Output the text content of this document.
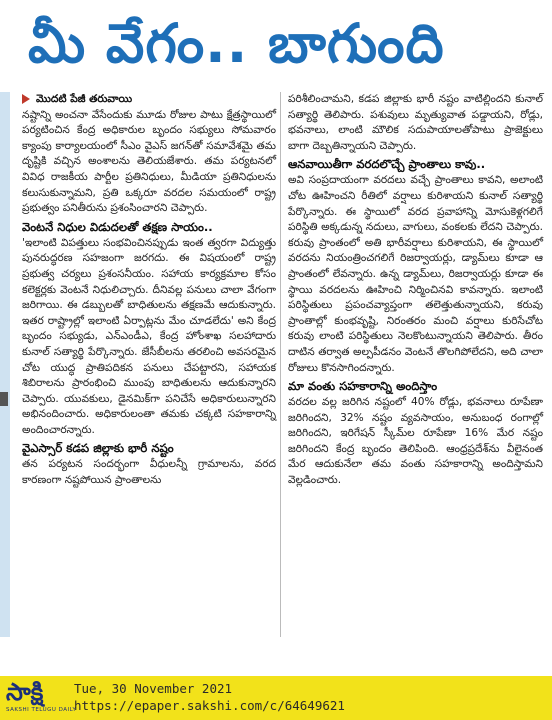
మీ వేగం.. బాగుంది
మొదటి పేజీ తరువాయి

నష్టాన్ని అంచనా వేసేందుకు మూడు రోజుల పాటు క్షేత్రస్థాయిలో పర్యటించిన కేంద్ర అధికారుల బృందం సభ్యులు సోమవారం క్యాంపు కార్యాలయంలో సీఎం వైఎస్ జగన్‌తో సమావేశమై తమ దృష్టికి వచ్చిన అంశాలను తెలియజేశారు. తమ పర్యటనలో వివిధ రాజకీయ పార్టీల ప్రతినిధులు, మీడియా ప్రతినిధులను కలుసుకున్నామని, ప్రతి ఒక్కరూ వరదల సమయంలో రాష్ట్ర ప్రభుత్వం పనితీరును ప్రశంసించారని చెప్పారు.

వెంటనే నిధుల విడుదలతో తక్షణ సాయం..

'ఇలాంటి విపత్తులు సంభవించినప్పుడు ఇంత త్వరగా విద్యుత్తు పునరుద్ధరణ సహజంగా జరగదు. ఈ విషయంలో రాష్ట్ర ప్రభుత్వ చర్యలు ప్రశంసనీయం. సహాయ కార్యక్రమాల కోసం కలెక్టర్లకు వెంటనే నిధులిచ్చారు. దీనివల్ల పనులు చాలా వేగంగా జరిగాయి. ఈ డబ్బులతో బాధితులను తక్షణమే ఆదుకున్నారు. ఇతర రాష్ట్రాల్లో ఇలాంటి ఏర్పాట్లను మేం చూడలేదు' అని కేంద్ర బృందం సభ్యుడు, ఎన్‌ఎండీఎ, కేంద్ర హోంశాఖ సలహాదారు కునాల్ సత్యార్థి పేర్కొన్నారు. జేసీబీలను తరలించి అవసరమైన చోట యుద్ధ ప్రాతిపదికన పనులు చేపట్టారని, సహాయక శిబిరాలను ప్రారంభించి ముంపు బాధితులను ఆదుకున్నారని చెప్పారు. యువకులు, డైనమిక్‌గా పనిచేసే అధికారులున్నారని అభినందించారు. అధికారులంతా తమకు చక్కటి సహకారాన్ని అందించారన్నారు.

వైఎస్సార్ కడప జిల్లాకు భారీ నష్టం

తన పర్యటన సందర్భంగా వీధులన్నీ గ్రామాలను, వరద కారణంగా నష్టపోయిన ప్రాంతాలను

పరిశీలించామని, కడప జిల్లాకు భారీ నష్టం వాటిల్లిందని కునాల్ సత్యార్థి తెలిపారు. పశువులు మృత్యువాత పడ్డాయని, రోడ్లు, భవనాలు, లాంటి మౌలిక సదుపాయాలతోపాటు ప్రాజెక్టులు బాగా దెబ్బతిన్నాయని చెప్పారు.

ఆనవాయితీగా వరదలొచ్చే ప్రాంతాలు కావు..

అవి సంప్రదాయంగా వరదలు వచ్చే ప్రాంతాలు కావని, అలాంటి చోట ఊహించని రీతిలో వర్షాలు కురిశాయని కునాల్ సత్యార్థి పేర్కొన్నారు. ఈ స్థాయిలో వరద ప్రవాహాన్ని మోసుకెళ్లగలిగే పరిస్థితి అక్కడున్న నదులు, వాగులు, వంకలకు లేదని చెప్పారు. కరువు ప్రాంతంలో అతి భారీవర్షాలు కురిశాయని, ఈ స్థాయిలో వరదను నియంత్రించగలిగే రిజర్వాయర్లు, డ్యామ్‌లు కూడా ఆ ప్రాంతంలో లేవన్నారు. ఉన్న డ్యామ్‌లు, రిజర్వాయర్లు కూడా ఈ స్థాయి వరదలను ఊహించి నిర్మించినవి కావన్నారు. ఇలాంటి పరిస్థితులు ప్రపంచవ్యాప్తంగా తలెత్తుతున్నాయని, కరువు ప్రాంతాల్లో కుంభవృష్టి, నిరంతరం మంచి వర్షాలు కురిసేచోట కరువు లాంటి పరిస్థితులు నెలకొంటున్నాయని తెలిపారు. తీరం దాటిన తర్వాత అల్పపీడనం వెంటనే తొలగిపోలేదని, అది చాలా రోజులు కొనసాగిందన్నారు.

మా వంతు సహకారాన్ని అందిస్తాం

వరదల వల్ల జరిగిన నష్టంలో 40% రోడ్లు, భవనాలు రూపేణా జరిగిందని, 32% నష్టం వ్యవసాయం, అనుబంధ రంగాల్లో జరిగిందని, ఇరిగేషన్ స్కీమ్‌ల రూపేణా 16% మేర నష్టం జరిగిందని కేంద్ర బృందం తెలిపింది. ఆంధ్రప్రదేశ్‌ను వీలైనంత మేర ఆదుకునేలా తమ వంతు సహకారాన్ని అందిస్తామని వెల్లడించారు.

సాక్షి
SAKSHI TELUGU DAILY
Tue, 30 November 2021
https://epaper.sakshi.com/c/64649621
